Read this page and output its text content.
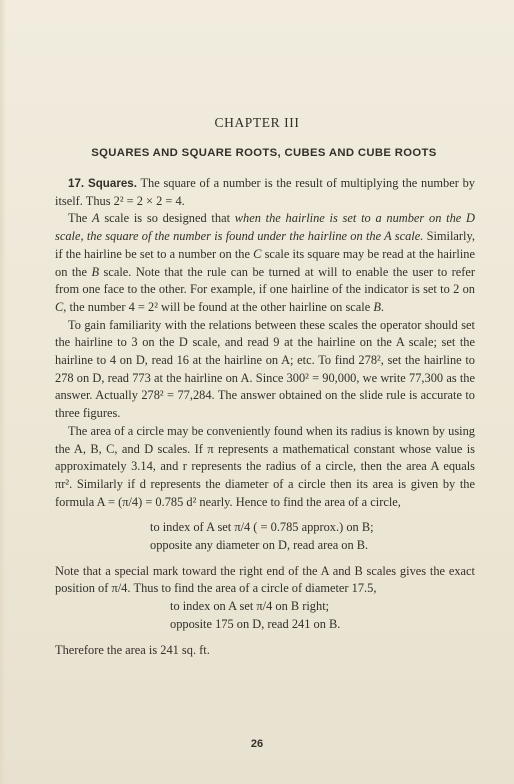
CHAPTER III
SQUARES AND SQUARE ROOTS, CUBES AND CUBE ROOTS

17. Squares. The square of a number is the result of multiplying the number by itself. Thus 2² = 2 × 2 = 4.

The A scale is so designed that when the hairline is set to a number on the D scale, the square of the number is found under the hairline on the A scale. Similarly, if the hairline be set to a number on the C scale its square may be read at the hairline on the B scale. Note that the rule can be turned at will to enable the user to refer from one face to the other. For example, if one hairline of the indicator is set to 2 on C, the number 4 = 2² will be found at the other hairline on scale B.

To gain familiarity with the relations between these scales the operator should set the hairline to 3 on the D scale, and read 9 at the hairline on the A scale; set the hairline to 4 on D, read 16 at the hairline on A; etc. To find 278², set the hairline to 278 on D, read 773 at the hairline on A. Since 300² = 90,000, we write 77,300 as the answer. Actually 278² = 77,284. The answer obtained on the slide rule is accurate to three figures.

The area of a circle may be conveniently found when its radius is known by using the A, B, C, and D scales. If π represents a mathematical constant whose value is approximately 3.14, and r represents the radius of a circle, then the area A equals πr². Similarly if d represents the diameter of a circle then its area is given by the formula A = (π/4) = 0.785 d² nearly. Hence to find the area of a circle,

to index of A set π/4 ( = 0.785 approx.) on B;

opposite any diameter on D, read area on B.

Note that a special mark toward the right end of the A and B scales gives the exact position of π/4. Thus to find the area of a circle of diameter 17.5,

to index on A set π/4 on B right;

opposite 175 on D, read 241 on B.

Therefore the area is 241 sq. ft.

26
